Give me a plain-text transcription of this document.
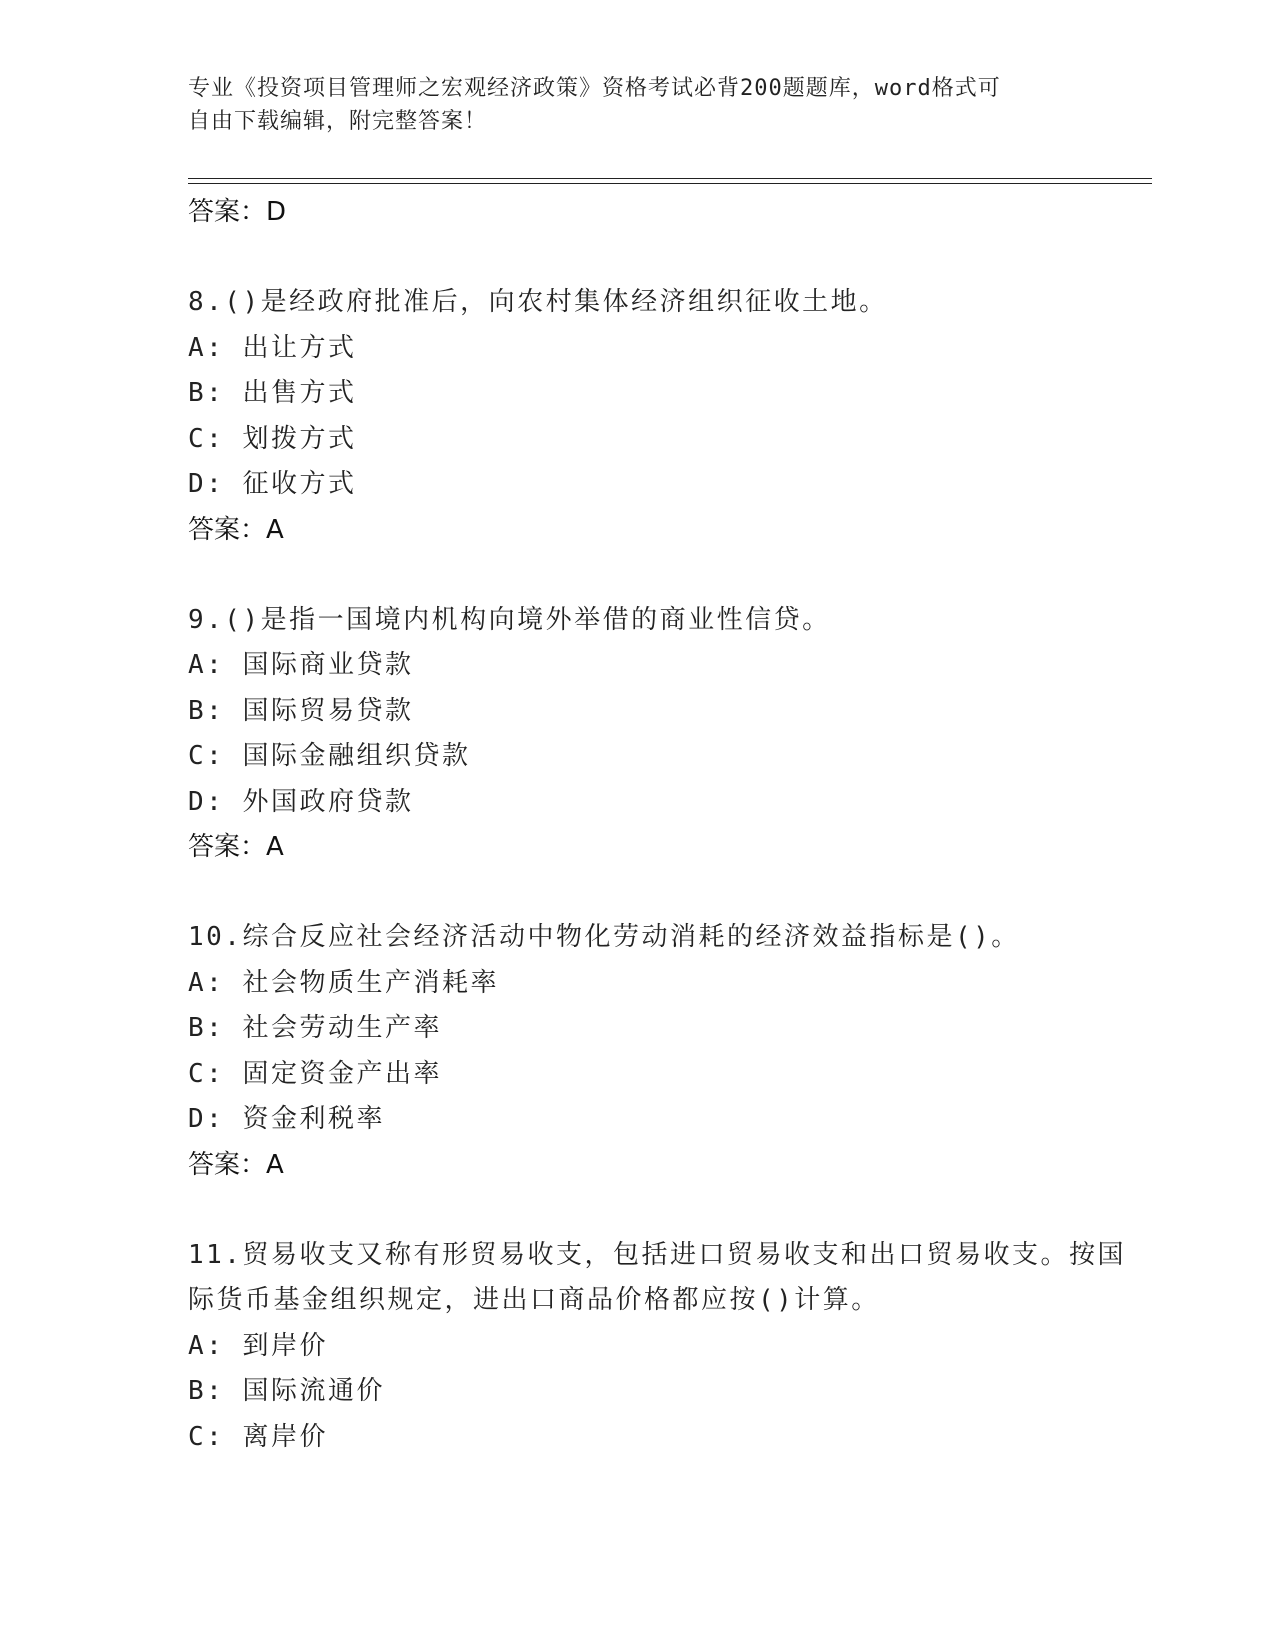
专业《投资项目管理师之宏观经济政策》资格考试必背200题题库，word格式可
自由下载编辑，附完整答案！
答案：D
8.()是经政府批准后，向农村集体经济组织征收土地。
A: 出让方式
B: 出售方式
C: 划拨方式
D: 征收方式
答案：A
9.()是指一国境内机构向境外举借的商业性信贷。
A: 国际商业贷款
B: 国际贸易贷款
C: 国际金融组织贷款
D: 外国政府贷款
答案：A
10.综合反应社会经济活动中物化劳动消耗的经济效益指标是()。
A: 社会物质生产消耗率
B: 社会劳动生产率
C: 固定资金产出率
D: 资金利税率
答案：A
11.贸易收支又称有形贸易收支，包括进口贸易收支和出口贸易收支。按国际货币基金组织规定，进出口商品价格都应按()计算。
A: 到岸价
B: 国际流通价
C: 离岸价
